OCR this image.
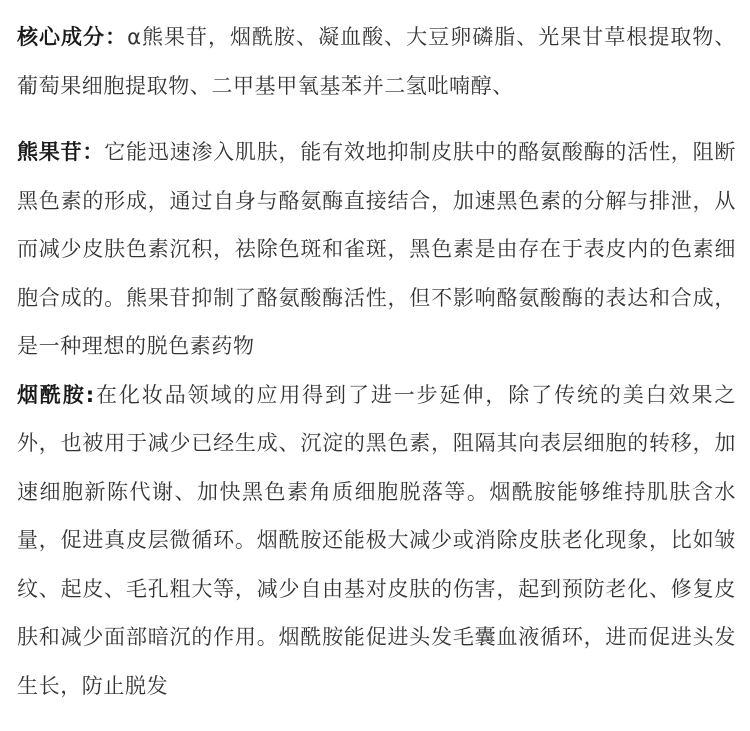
核心成分：α熊果苷，烟酰胺、凝血酸、大豆卵磷脂、光果甘草根提取物、葡萄果细胞提取物、二甲基甲氧基苯并二氢吡喃醇、

熊果苷：它能迅速渗入肌肤，能有效地抑制皮肤中的酪氨酸酶的活性，阻断黑色素的形成，通过自身与酪氨酶直接结合，加速黑色素的分解与排泄，从而减少皮肤色素沉积，祛除色斑和雀斑，黑色素是由存在于表皮内的色素细胞合成的。熊果苷抑制了酪氨酸酶活性，但不影响酪氨酸酶的表达和合成，是一种理想的脱色素药物

烟酰胺:在化妆品领域的应用得到了进一步延伸，除了传统的美白效果之外，也被用于减少已经生成、沉淀的黑色素，阻隔其向表层细胞的转移，加速细胞新陈代谢、加快黑色素角质细胞脱落等。烟酰胺能够维持肌肤含水量，促进真皮层微循环。烟酰胺还能极大减少或消除皮肤老化现象，比如皱纹、起皮、毛孔粗大等，减少自由基对皮肤的伤害，起到预防老化、修复皮肤和减少面部暗沉的作用。烟酰胺能促进头发毛囊血液循环，进而促进头发生长，防止脱发
